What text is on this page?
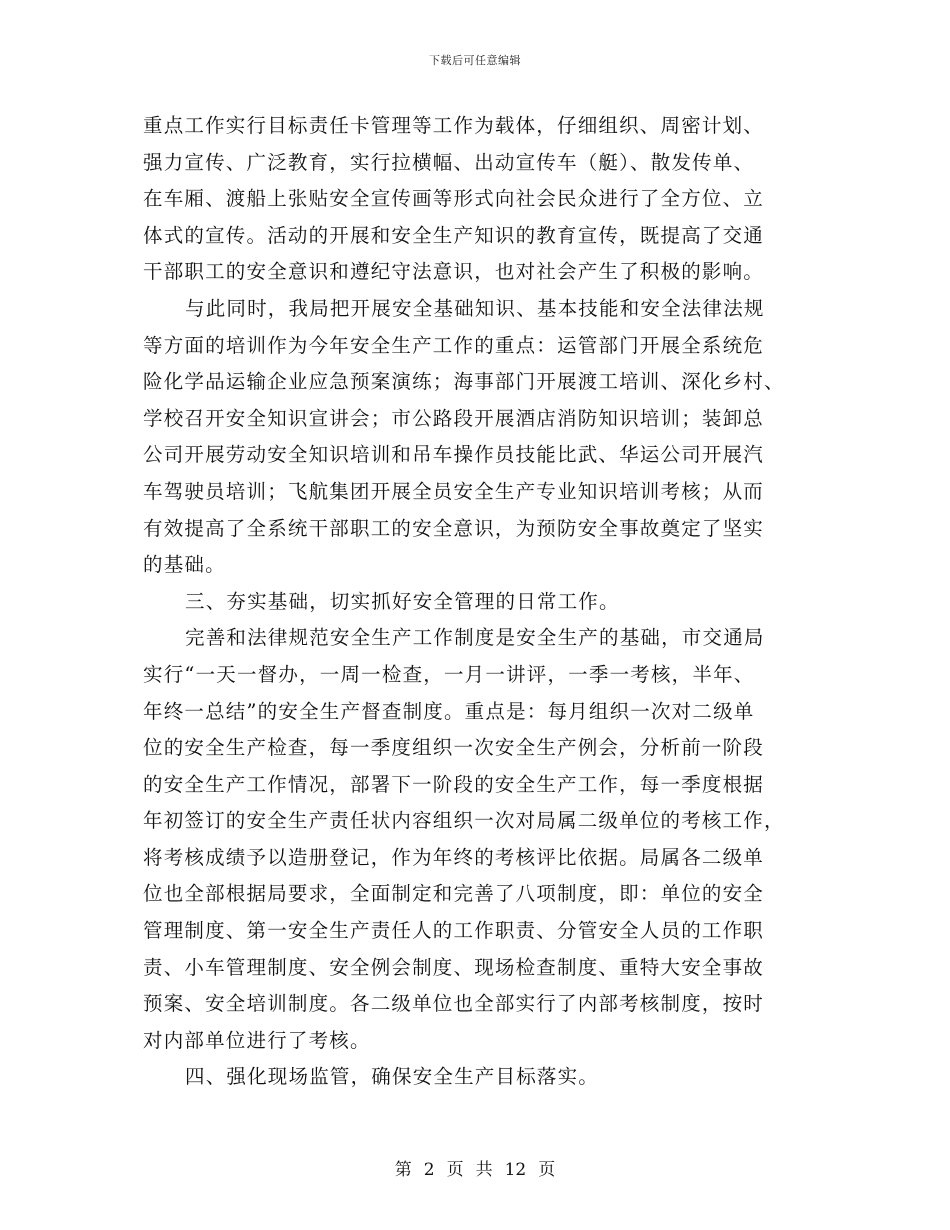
下载后可任意编辑
重点工作实行目标责任卡管理等工作为载体，仔细组织、周密计划、
强力宣传、广泛教育，实行拉横幅、出动宣传车（艇）、散发传单、
在车厢、渡船上张贴安全宣传画等形式向社会民众进行了全方位、立
体式的宣传。活动的开展和安全生产知识的教育宣传，既提高了交通
干部职工的安全意识和遵纪守法意识，也对社会产生了积极的影响。
与此同时，我局把开展安全基础知识、基本技能和安全法律法规
等方面的培训作为今年安全生产工作的重点：运管部门开展全系统危
险化学品运输企业应急预案演练；海事部门开展渡工培训、深化乡村、
学校召开安全知识宣讲会；市公路段开展酒店消防知识培训；装卸总
公司开展劳动安全知识培训和吊车操作员技能比武、华运公司开展汽
车驾驶员培训；飞航集团开展全员安全生产专业知识培训考核；从而
有效提高了全系统干部职工的安全意识，为预防安全事故奠定了坚实
的基础。
三、夯实基础，切实抓好安全管理的日常工作。
完善和法律规范安全生产工作制度是安全生产的基础，市交通局
实行“一天一督办，一周一检查，一月一讲评，一季一考核，半年、
年终一总结”的安全生产督查制度。重点是：每月组织一次对二级单
位的安全生产检查，每一季度组织一次安全生产例会，分析前一阶段
的安全生产工作情况，部署下一阶段的安全生产工作，每一季度根据
年初签订的安全生产责任状内容组织一次对局属二级单位的考核工作，
将考核成绩予以造册登记，作为年终的考核评比依据。局属各二级单
位也全部根据局要求，全面制定和完善了八项制度，即：单位的安全
管理制度、第一安全生产责任人的工作职责、分管安全人员的工作职
责、小车管理制度、安全例会制度、现场检查制度、重特大安全事故
预案、安全培训制度。各二级单位也全部实行了内部考核制度，按时
对内部单位进行了考核。
四、强化现场监管，确保安全生产目标落实。
第 2 页 共 12 页
